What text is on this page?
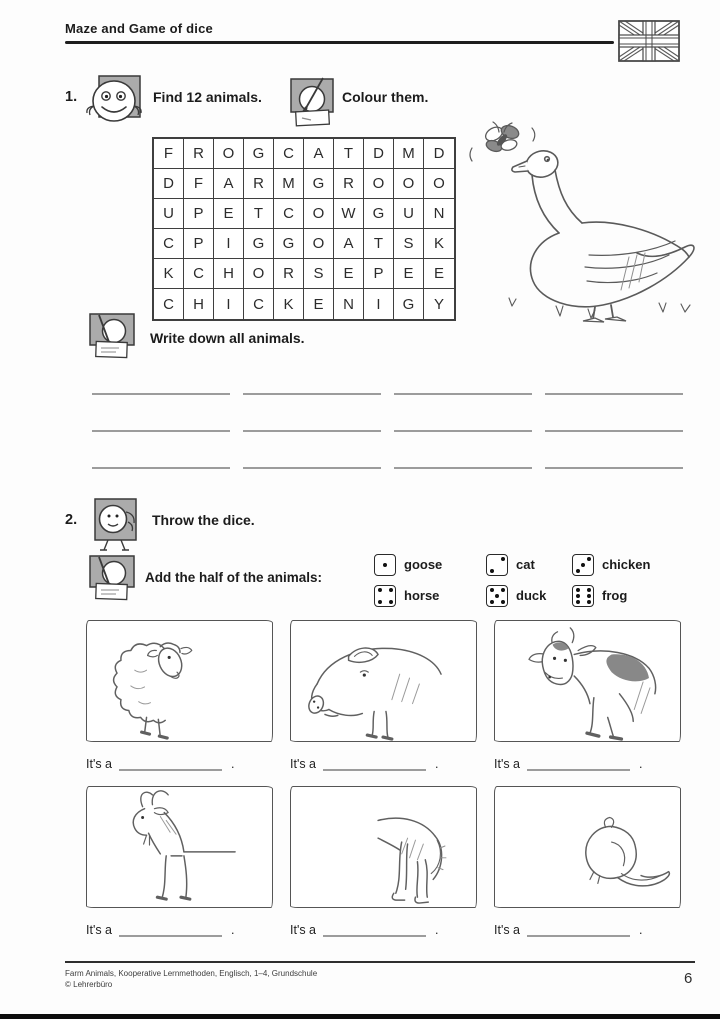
Maze and Game of dice
1.	Find 12 animals.	Colour them.
F	R	O	G	C	A	T	D	M	D
D	F	A	R	M	G	R	O	O	O
U	P	E	T	C	O	W	G	U	N
C	P	I	G	G	O	A	T	S	K
K	C	H	O	R	S	E	P	E	E
C	H	I	C	K	E	N	I	G	Y
Write down all animals.
2.	Throw the dice.
Add the half of the animals:
goose
horse
cat
duck
chicken
frog
It's a	.	It's a	.	It's a	.
It's a	.	It's a	.	It's a	.
Farm Animals, Kooperative Lernmethoden, Englisch, 1–4, Grundschule
© Lehrerbüro	6
